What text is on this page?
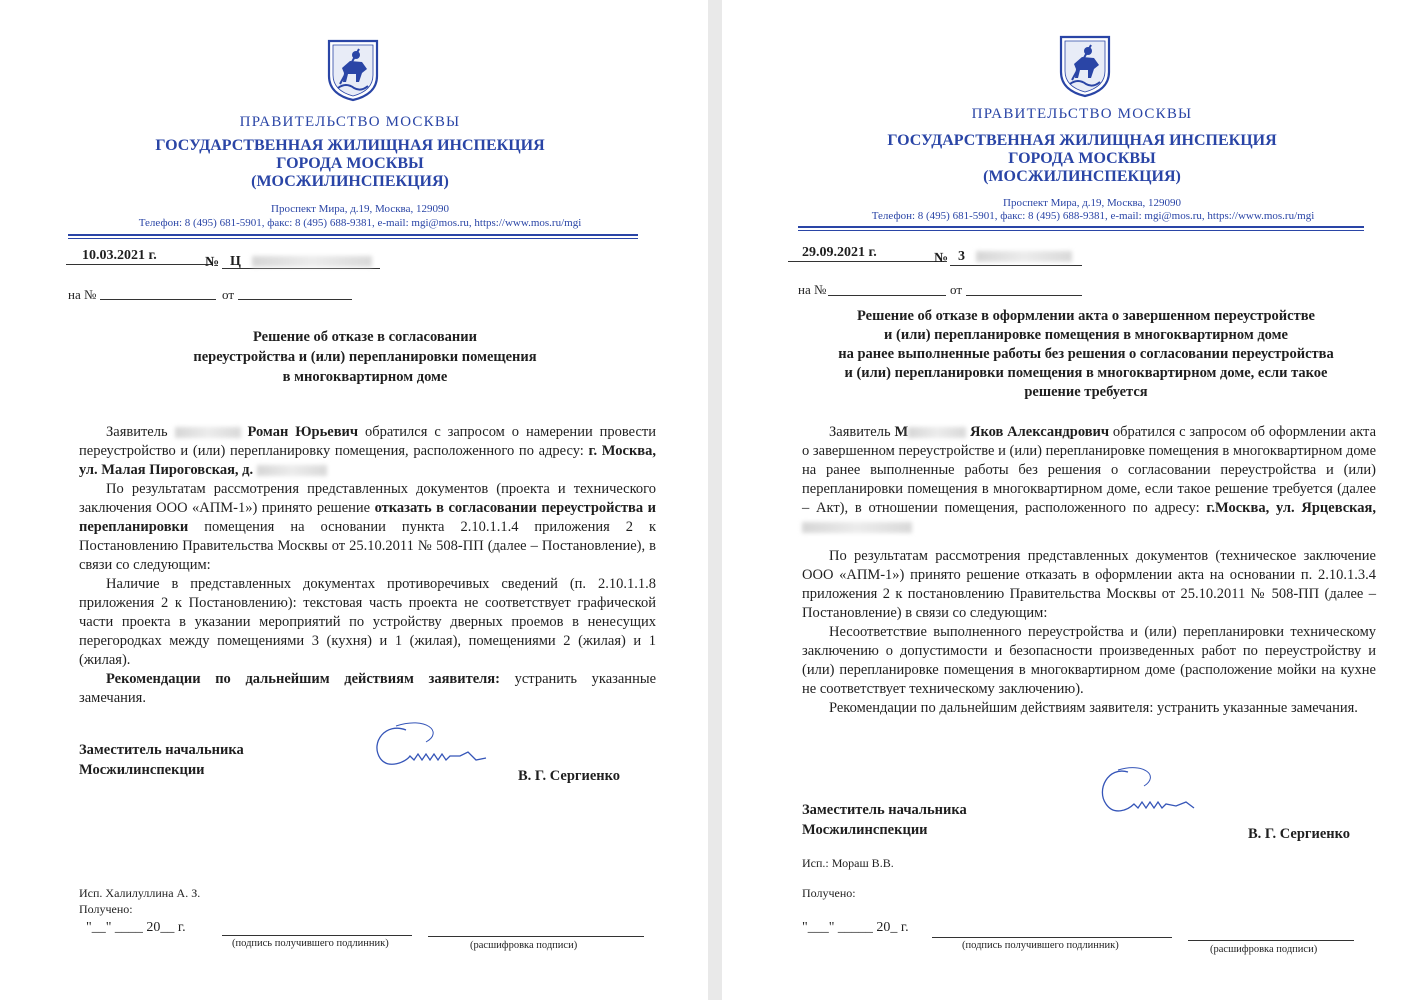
ПРАВИТЕЛЬСТВО МОСКВЫ
ГОСУДАРСТВЕННАЯ ЖИЛИЩНАЯ ИНСПЕКЦИЯ
ГОРОДА МОСКВЫ
(МОСЖИЛИНСПЕКЦИЯ)
Проспект Мира, д.19, Москва, 129090
Телефон: 8 (495) 681-5901, факс: 8 (495) 688-9381, e-mail: mgi@mos.ru, https://www.mos.ru/mgi
10.03.2021 г.	№ Ц
на №	от
Решение об отказе в согласовании
переустройства и (или) перепланировки помещения
в многоквартирном доме

Заявитель	Роман Юрьевич обратился с запросом о намерении провести переустройство и (или) перепланировку помещения, расположенного по адресу: г. Москва, ул. Малая Пироговская, д.

По результатам рассмотрения представленных документов (проекта и технического заключения ООО «АПМ-1») принято решение отказать в согласовании переустройства и перепланировки помещения на основании пункта 2.10.1.1.4 приложения 2 к Постановлению Правительства Москвы от 25.10.2011 № 508-ПП (далее – Постановление), в связи со следующим:

Наличие в представленных документах противоречивых сведений (п. 2.10.1.1.8 приложения 2 к Постановлению): текстовая часть проекта не соответствует графической части проекта в указании мероприятий по устройству дверных проемов в ненесущих перегородках между помещениями 3 (кухня) и 1 (жилая), помещениями 2 (жилая) и 1 (жилая).

Рекомендации по дальнейшим действиям заявителя: устранить указанные замечания.

Заместитель начальника
Мосжилинспекции	В. Г. Сергиенко
Исп. Халилуллина А. З.
Получено:
"__" ____ 20__ г.
(подпись получившего подлинник)	(расшифровка подписи)
ПРАВИТЕЛЬСТВО МОСКВЫ
ГОСУДАРСТВЕННАЯ ЖИЛИЩНАЯ ИНСПЕКЦИЯ
ГОРОДА МОСКВЫ
(МОСЖИЛИНСПЕКЦИЯ)
Проспект Мира, д.19, Москва, 129090
Телефон: 8 (495) 681-5901, факс: 8 (495) 688-9381, e-mail: mgi@mos.ru, https://www.mos.ru/mgi
29.09.2021 г.	№ 3
на №	от
Решение об отказе в оформлении акта о завершенном переустройстве
и (или) перепланировке помещения в многоквартирном доме
на ранее выполненные работы без решения о согласовании переустройства
и (или) перепланировки помещения в многоквартирном доме, если такое
решение требуется

Заявитель М	Яков Александрович обратился с запросом об оформлении акта о завершенном переустройстве и (или) перепланировке помещения в многоквартирном доме на ранее выполненные работы без решения о согласовании переустройства и (или) перепланировки помещения в многоквартирном доме, если такое решение требуется (далее – Акт), в отношении помещения, расположенного по адресу: г.Москва, ул. Ярцевская,

По результатам рассмотрения представленных документов (техническое заключение ООО «АПМ-1») принято решение отказать в оформлении акта на основании п. 2.10.1.3.4 приложения 2 к постановлению Правительства Москвы от 25.10.2011 № 508-ПП (далее – Постановление) в связи со следующим:

Несоответствие выполненного переустройства и (или) перепланировки техническому заключению о допустимости и безопасности произведенных работ по переустройству и (или) перепланировке помещения в многоквартирном доме (расположение мойки на кухне не соответствует техническому заключению).

Рекомендации по дальнейшим действиям заявителя: устранить указанные замечания.

Заместитель начальника
Мосжилинспекции	В. Г. Сергиенко
Исп.: Мораш В.В.
Получено:
"___" _____ 20_ г.
(подпись получившего подлинник)	(расшифровка подписи)
